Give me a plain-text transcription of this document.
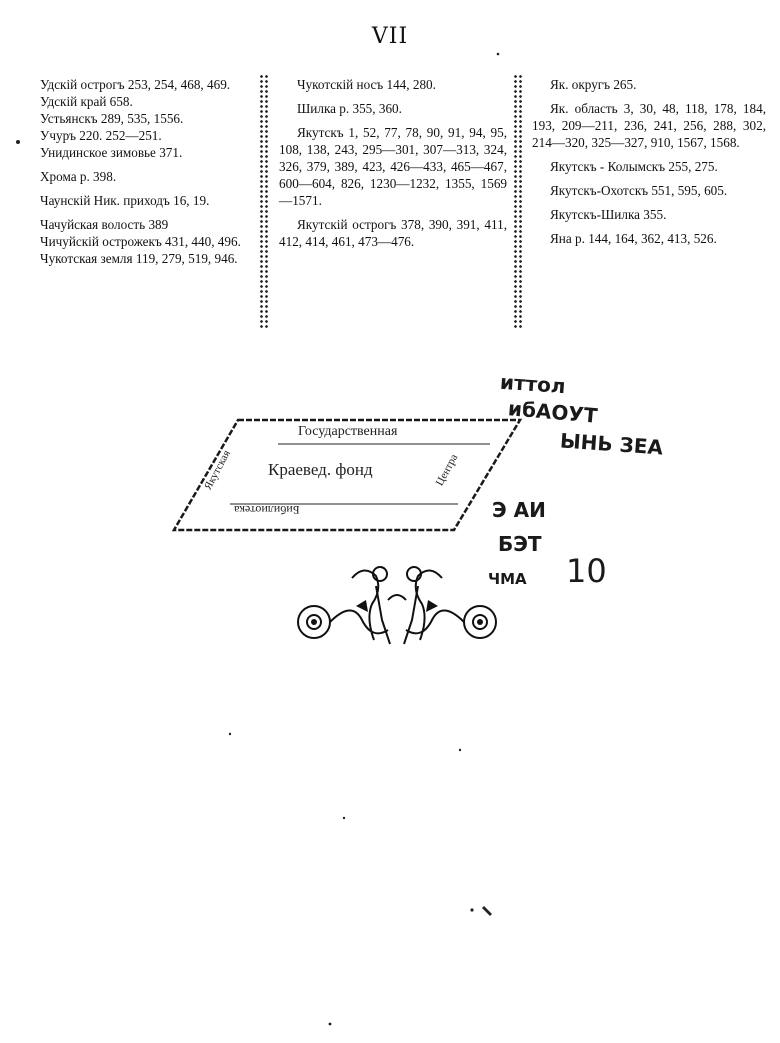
VII

Удскій острогъ 253, 254, 468, 469.

Удскій край 658.

Устьянскъ 289, 535, 1556.

Учуръ 220. 252—251.

Унидинское зимовье 371.

Хрома р. 398.

Чаунскій Ник. приходъ 16, 19.

Чачуйская волость 389

Чичуйскій острожекъ 431, 440, 496.

Чукотская земля 119, 279, 519, 946.

Чукотскій носъ 144, 280.

Шилка р. 355, 360.

Якутскъ 1, 52, 77, 78, 90, 91, 94, 95, 108, 138, 243, 295—301, 307—313, 324, 326, 379, 389, 423, 426—433, 465—467, 600—604, 826, 1230—1232, 1355, 1569—1571.

Якутскій острогъ 378, 390, 391, 411, 412, 414, 461, 473—476.

Як. округъ 265.

Як. область 3, 30, 48, 118, 178, 184, 193, 209—211, 236, 241, 256, 288, 302, 214—320, 325—327, 910, 1567, 1568.

Якутскъ - Колымскъ 255, 275.

Якутскъ-Охотскъ 551, 595, 605.

Якутскъ-Шилка 355.

Яна р. 144, 164, 362, 413, 526.

Государственная
Краевед. фонд
Бибилиотека
Якутская	Центра
иттол
ибАОУТ
ЫНЬ ЗЕА
Э АИ
БЭТ
ЧМА 10
